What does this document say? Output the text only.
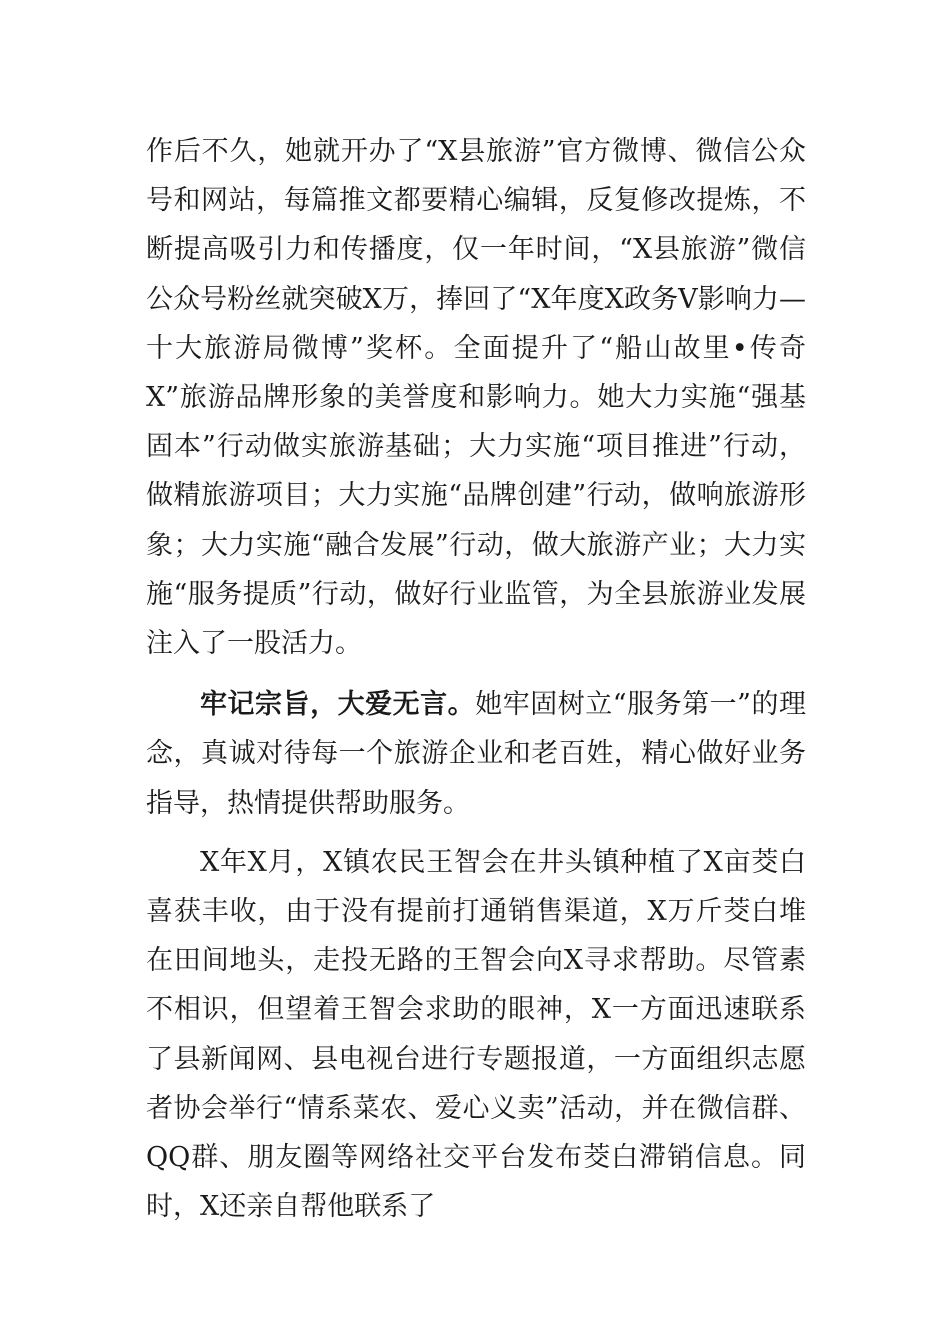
作后不久，她就开办了“X县旅游”官方微博、微信公众号和网站，每篇推文都要精心编辑，反复修改提炼，不断提高吸引力和传播度，仅一年时间，“X县旅游”微信公众号粉丝就突破X万，捧回了“X年度X政务V影响力—十大旅游局微博”奖杯。全面提升了“船山故里•传奇X”旅游品牌形象的美誉度和影响力。她大力实施“强基固本”行动做实旅游基础；大力实施“项目推进”行动，做精旅游项目；大力实施“品牌创建”行动，做响旅游形象；大力实施“融合发展”行动，做大旅游产业；大力实施“服务提质”行动，做好行业监管，为全县旅游业发展注入了一股活力。

牢记宗旨，大爱无言。她牢固树立“服务第一”的理念，真诚对待每一个旅游企业和老百姓，精心做好业务指导，热情提供帮助服务。

X年X月，X镇农民王智会在井头镇种植了X亩茭白喜获丰收，由于没有提前打通销售渠道，X万斤茭白堆在田间地头，走投无路的王智会向X寻求帮助。尽管素不相识，但望着王智会求助的眼神，X一方面迅速联系了县新闻网、县电视台进行专题报道，一方面组织志愿者协会举行“情系菜农、爱心义卖”活动，并在微信群、QQ群、朋友圈等网络社交平台发布茭白滞销信息。同时，X还亲自帮他联系了
